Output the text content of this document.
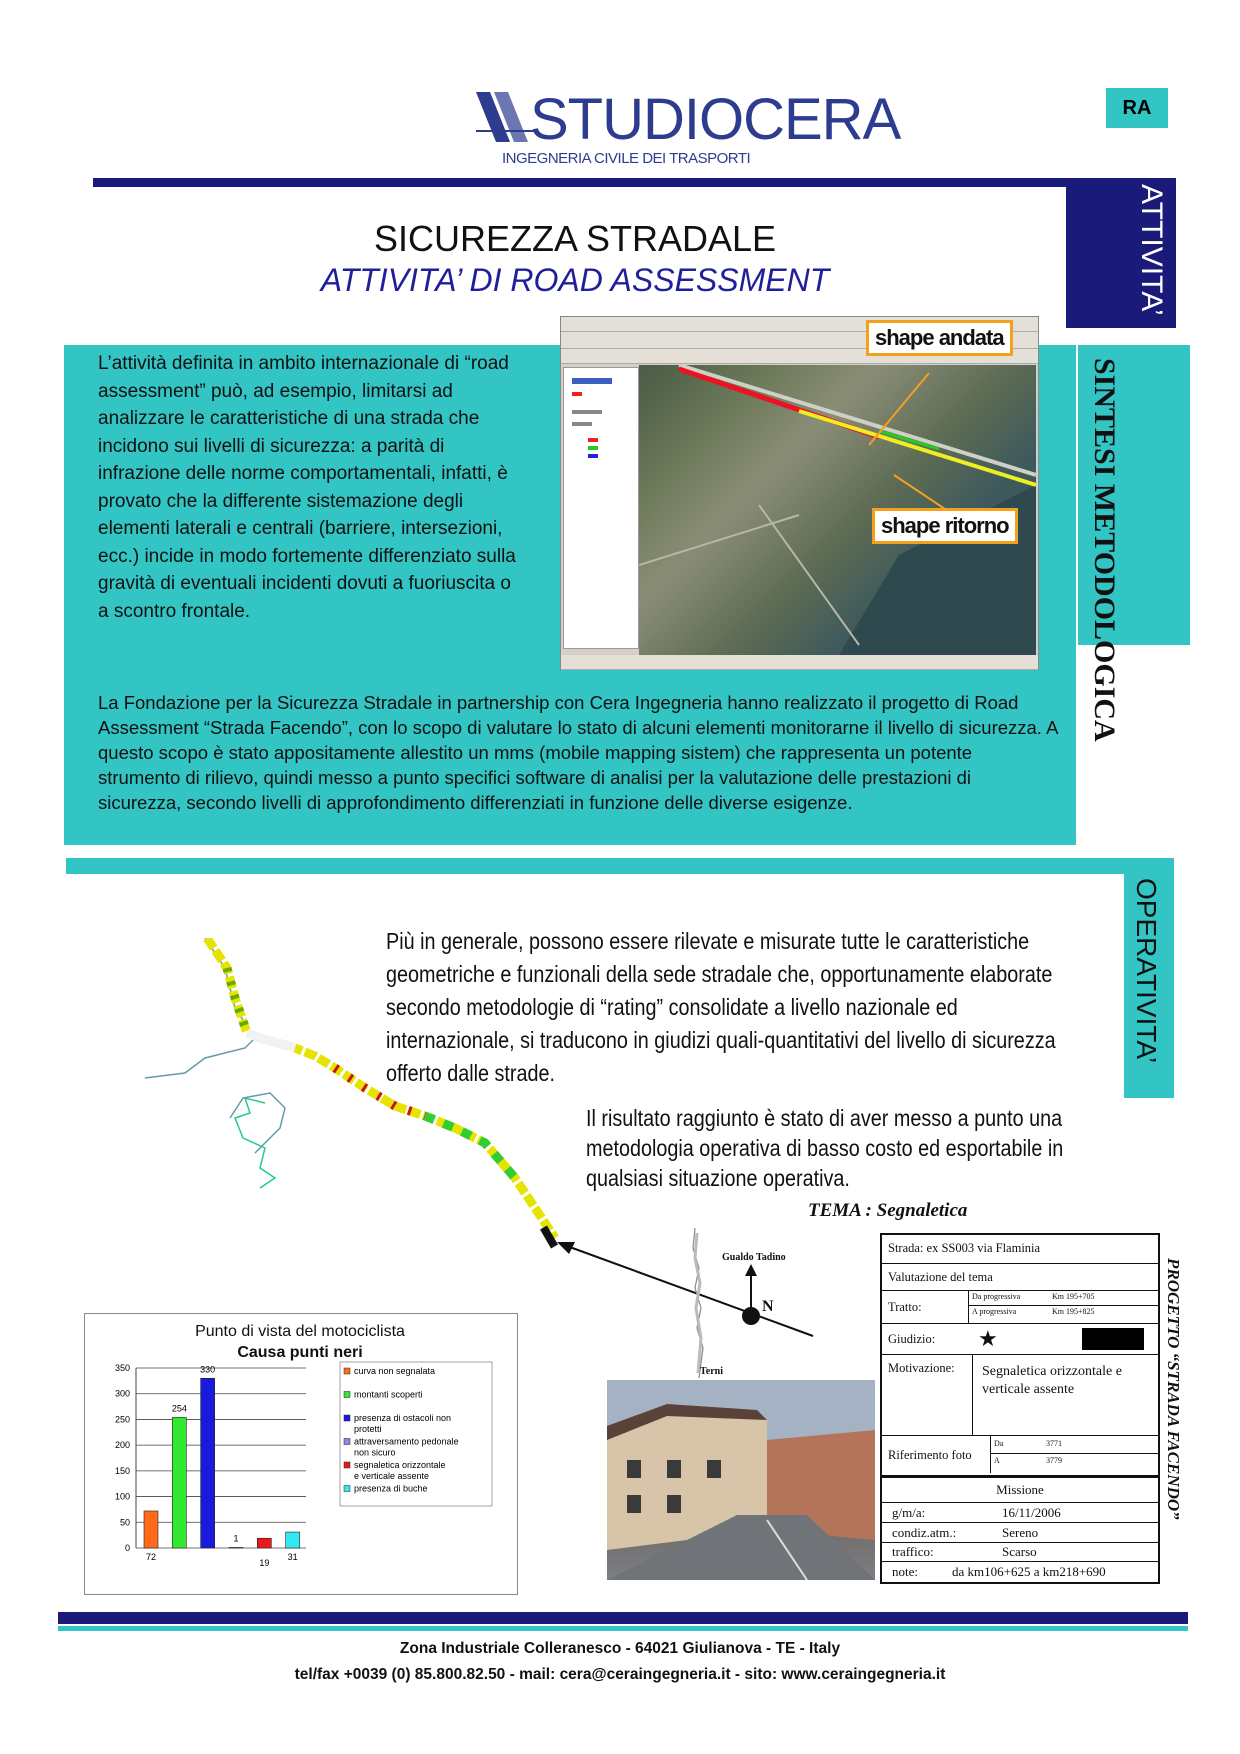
STUDIOCERA
INGEGNERIA CIVILE DEI TRASPORTI
RA
ATTIVITA’
SICUREZZA STRADALE
ATTIVITA’ DI ROAD ASSESSMENT
SINTESI METODOLOGICA
L’attività definita in ambito internazionale di “road assessment” può, ad esempio, limitarsi ad analizzare le caratteristiche di una strada che incidono sui livelli di sicurezza: a parità di infrazione delle norme comportamentali, infatti, è provato che la differente sistemazione degli elementi laterali e centrali (barriere, intersezioni, ecc.) incide in modo fortemente differenziato sulla gravità di eventuali incidenti dovuti a fuoriuscita o a scontro frontale.
shape andata
shape ritorno
La Fondazione per la Sicurezza Stradale in partnership con Cera Ingegneria hanno realizzato il progetto di Road Assessment “Strada Facendo”, con lo scopo di valutare lo stato di alcuni elementi monitorarne il livello di sicurezza. A questo scopo è stato appositamente allestito un mms (mobile mapping sistem) che rappresenta un potente strumento di rilievo, quindi messo a punto specifici software di analisi per la valutazione delle prestazioni di sicurezza, secondo livelli di approfondimento differenziati in funzione delle diverse esigenze.
OPERATIVITA’
Più in generale, possono essere rilevate e misurate tutte le caratteristiche geometriche e funzionali della sede stradale che, opportunamente elaborate secondo metodologie di “rating” consolidate a livello nazionale ed internazionale, si traducono in giudizi quali-quantitativi del livello di sicurezza offerto dalle strade.
Il risultato raggiunto è stato di aver messo a punto una metodologia operativa di basso costo ed esportabile in qualsiasi situazione operativa.
Punto di vista del motociclista
Causa punti neri
0
50
100
150
200
250
300
350
72
curva non segnalata
254
montanti scoperti
330
presenza di ostacoli non
protetti
1
attraversamento pedonale
non sicuro
19
segnaletica orizzontale
e verticale assente
31
presenza di buche
TEMA : Segnaletica
Gualdo Tadino
Terni
N
Strada: ex SS003 via Flaminia
Valutazione del tema
Tratto:
Da progressiva	Km 195+705
A progressiva	Km 195+825
Giudizio: ★
Motivazione: Segnaletica orizzontale e verticale assente
Riferimento foto
Da	3771
A	3779
Missione
g/m/a:	16/11/2006
condiz.atm.:	Sereno
traffico:	Scarso
note:	da km106+625 a km218+690
PROGETTO “STRADA FACENDO”
Zona Industriale Colleranesco - 64021 Giulianova - TE - Italy
tel/fax +0039 (0) 85.800.82.50 - mail: cera@ceraingegneria.it - sito: www.ceraingegneria.it
